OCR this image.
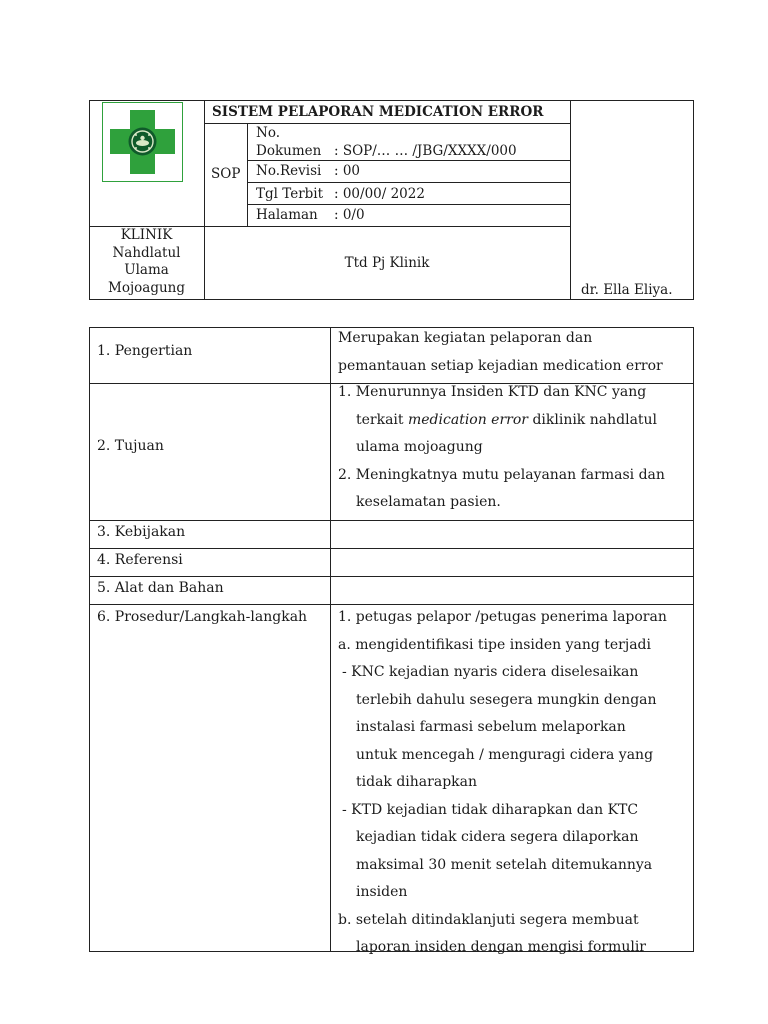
SISTEM PELAPORAN MEDICATION ERROR
SOP
No.
Dokumen : SOP/… … /JBG/XXXX/000
No.Revisi : 00
Tgl Terbit : 00/00/ 2022
Halaman : 0/0
KLINIK
Nahdlatul
Ulama
Mojoagung
Ttd Pj Klinik
dr. Ella Eliya.
1. Pengertian
Merupakan kegiatan pelaporan dan
pemantauan setiap kejadian medication error
2. Tujuan
1. Menurunnya Insiden KTD dan KNC yang
terkait medication error diklinik nahdlatul
ulama mojoagung
2. Meningkatnya mutu pelayanan farmasi dan
keselamatan pasien.
3. Kebijakan
4. Referensi
5. Alat dan Bahan
6. Prosedur/Langkah-langkah 1. petugas pelapor /petugas penerima laporan
a. mengidentifikasi tipe insiden yang terjadi
- KNC kejadian nyaris cidera diselesaikan
terlebih dahulu sesegera mungkin dengan
instalasi farmasi sebelum melaporkan
untuk mencegah / menguragi cidera yang
tidak diharapkan
- KTD kejadian tidak diharapkan dan KTC
kejadian tidak cidera segera dilaporkan
maksimal 30 menit setelah ditemukannya
insiden
b. setelah ditindaklanjuti segera membuat
laporan insiden dengan mengisi formulir
